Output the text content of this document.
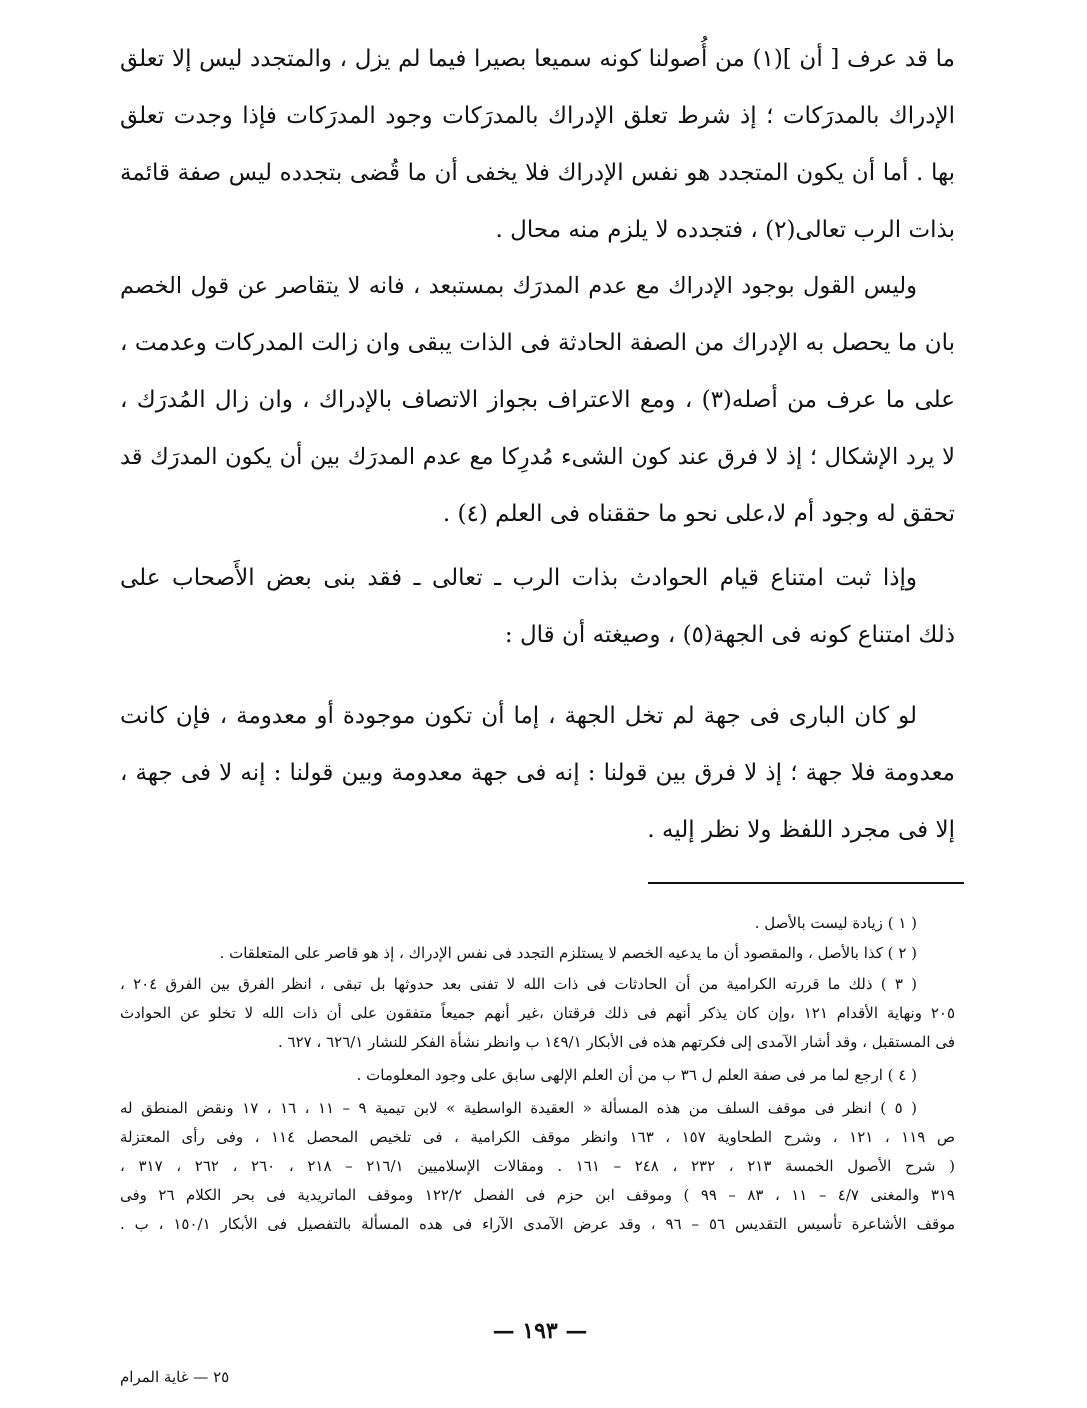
ما قد عرف [ أن ](١) من أُصولنا كونه سميعا بصيرا فيما لم يزل ، والمتجدد ليس إلا تعلق
الإدراك بالمدرَكات ؛ إذ شرط تعلق الإدراك بالمدرَكات وجود المدرَكات فإذا وجدت تعلق
بها . أما أن يكون المتجدد هو نفس الإدراك فلا يخفى أن ما قُضى بتجدده ليس صفة قائمة
بذات الرب تعالى(٢) ، فتجدده لا يلزم منه محال .
وليس القول بوجود الإدراك مع عدم المدرَك بمستبعد ، فانه لا يتقاصر عن قول الخصم
بان ما يحصل به الإدراك من الصفة الحادثة فى الذات يبقى وان زالت المدركات وعدمت ،
على ما عرف من أصله(٣) ، ومع الاعتراف بجواز الاتصاف بالإدراك ، وان زال المُدرَك ،
لا يرد الإشكال ؛ إذ لا فرق عند كون الشىء مُدرِكا مع عدم المدرَك بين أن يكون المدرَك قد
تحقق له وجود أم لا،على نحو ما حققناه فى العلم (٤) .
وإذا ثبت امتناع قيام الحوادث بذات الرب ـ تعالى ـ فقد بنى بعض الأَصحاب على
ذلك امتناع كونه فى الجهة(٥) ، وصيغته أن قال :
لو كان البارى فى جهة لم تخل الجهة ، إما أن تكون موجودة أو معدومة ، فإن كانت
معدومة فلا جهة ؛ إذ لا فرق بين قولنا : إنه فى جهة معدومة وبين قولنا : إنه لا فى جهة ،
إلا فى مجرد اللفظ ولا نظر إليه .
( ١ ) زيادة ليست بالأصل .
( ٢ ) كذا بالأصل ، والمقصود أن ما يدعيه الخصم لا يستلزم التجدد فى نفس الإدراك ، إذ هو قاصر على المتعلقات .
( ٣ ) ذلك ما قررته الكرامية من أن الحادثات فى ذات الله لا تفنى بعد حدوثها بل تبقى ، انظر الفرق بين الفرق ٢٠٤ ،
٢٠٥ ونهاية الأقدام ١٢١ ،وإن كان يذكر أنهم فى ذلك فرقتان ،غير أنهم جميعاً متفقون على أن ذات الله لا تخلو عن الحوادث
فى المستقبل ، وقد أشار الآمدى إلى فكرتهم هذه فى الأبكار ١٤٩/١ ب وانظر نشأة الفكر للنشار ٦٢٦/١ ، ٦٢٧ .
( ٤ ) ارجع لما مر فى صفة العلم ل ٣٦ ب من أن العلم الإلهى سابق على وجود المعلومات .
( ٥ ) انظر فى موقف السلف من هذه المسألة « العقيدة الواسطية » لابن تيمية ٩ – ١١ ، ١٦ ، ١٧ ونقض المنطق له
ص ١١٩ ، ١٢١ ، وشرح الطحاوية ١٥٧ ، ١٦٣ وانظر موقف الكرامية ، فى تلخيص المحصل ١١٤ ، وفى رأى المعتزلة
( شرح الأصول الخمسة ٢١٣ ، ٢٣٢ ، ٢٤٨ – ١٦١ . ومقالات الإسلاميين ٢١٦/١ – ٢١٨ ، ٢٦٠ ، ٢٦٢ ، ٣١٧ ،
٣١٩ والمغنى ٤/٧ – ١١ ، ٨٣ – ٩٩ ) وموقف ابن حزم فى الفصل ١٢٢/٢ وموقف الماتريدية فى بحر الكلام ٢٦ وفى
موقف الأشاعرة تأسيس التقديس ٥٦ – ٩٦ ، وقد عرض الآمدى الآراء فى هده المسألة بالتفصيل فى الأبكار ١٥٠/١ ، ب .
— ١٩٣ —
٢٥ — غاية المرام
